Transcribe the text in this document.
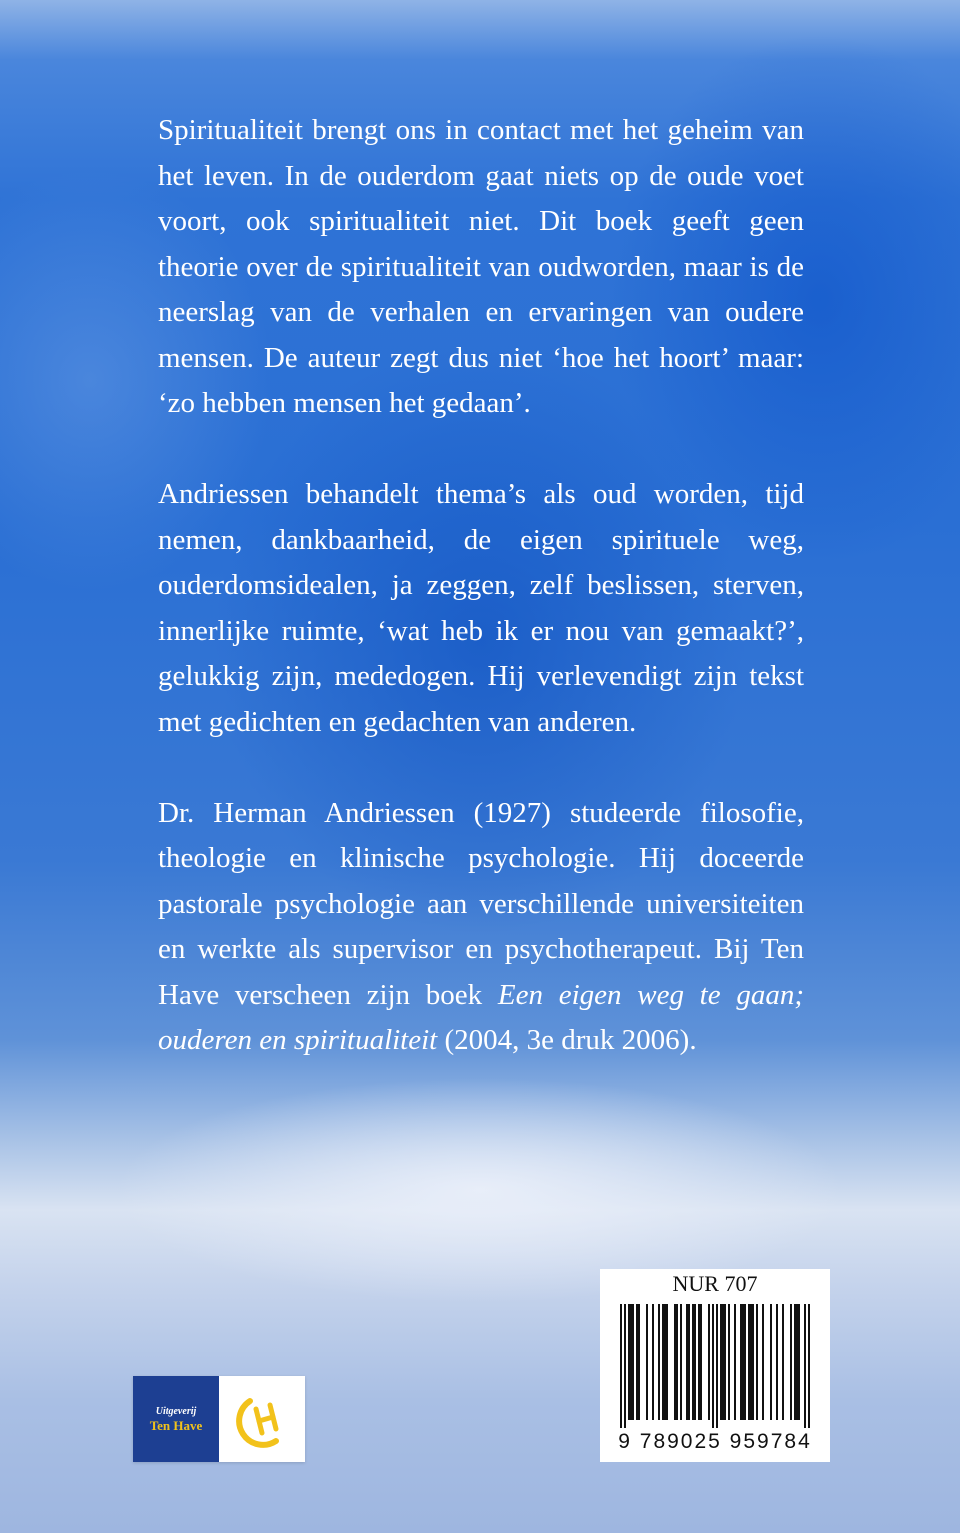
Spiritualiteit brengt ons in contact met het geheim van het leven. In de ouderdom gaat niets op de oude voet voort, ook spiritualiteit niet. Dit boek geeft geen theorie over de spiritualiteit van oudworden, maar is de neerslag van de verhalen en ervaringen van oudere mensen. De auteur zegt dus niet ‘hoe het hoort’ maar: ‘zo hebben mensen het gedaan’.

Andriessen behandelt thema’s als oud worden, tijd nemen, dankbaarheid, de eigen spirituele weg, ouderdomsidealen, ja zeggen, zelf beslissen, sterven, innerlijke ruimte, ‘wat heb ik er nou van gemaakt?’, gelukkig zijn, mededogen. Hij verlevendigt zijn tekst met gedichten en gedachten van anderen.

Dr. Herman Andriessen (1927) studeerde filosofie, theologie en klinische psychologie. Hij doceerde pastorale psychologie aan verschillende universiteiten en werkte als supervisor en psychotherapeut. Bij Ten Have verscheen zijn boek Een eigen weg te gaan; ouderen en spiritualiteit (2004, 3e druk 2006).

Uitgeverij
Ten Have
NUR 707
9 789025 959784
